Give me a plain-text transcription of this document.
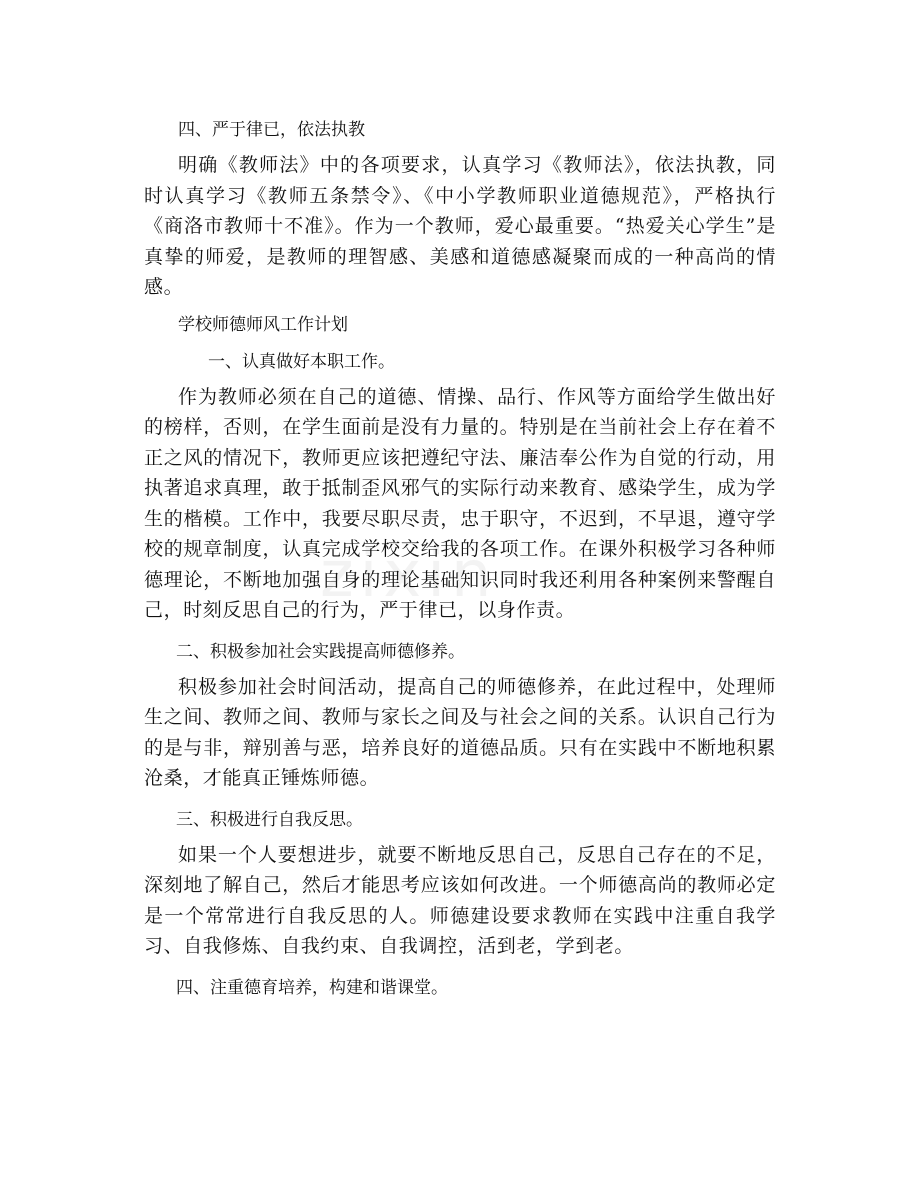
zixin
四、严于律已，依法执教

明确《教师法》中的各项要求，认真学习《教师法》，依法执教，同时认真学习《教师五条禁令》、《中小学教师职业道德规范》，严格执行《商洛市教师十不准》。作为一个教师，爱心最重要。“热爱关心学生”是真挚的师爱，是教师的理智感、美感和道德感凝聚而成的一种高尚的情感。

学校师德师风工作计划
一、认真做好本职工作。

作为教师必须在自己的道德、情操、品行、作风等方面给学生做出好的榜样，否则，在学生面前是没有力量的。特别是在当前社会上存在着不正之风的情况下，教师更应该把遵纪守法、廉洁奉公作为自觉的行动，用执著追求真理，敢于抵制歪风邪气的实际行动来教育、感染学生，成为学生的楷模。工作中，我要尽职尽责，忠于职守，不迟到，不早退，遵守学校的规章制度，认真完成学校交给我的各项工作。在课外积极学习各种师德理论，不断地加强自身的理论基础知识同时我还利用各种案例来警醒自己，时刻反思自己的行为，严于律已，以身作责。

二、积极参加社会实践提高师德修养。

积极参加社会时间活动，提高自己的师德修养，在此过程中，处理师生之间、教师之间、教师与家长之间及与社会之间的关系。认识自己行为的是与非，辩别善与恶，培养良好的道德品质。只有在实践中不断地积累沧桑，才能真正锤炼师德。

三、积极进行自我反思。

如果一个人要想进步，就要不断地反思自己，反思自己存在的不足，深刻地了解自己，然后才能思考应该如何改进。一个师德高尚的教师必定是一个常常进行自我反思的人。师德建设要求教师在实践中注重自我学习、自我修炼、自我约束、自我调控，活到老，学到老。

四、注重德育培养，构建和谐课堂。
